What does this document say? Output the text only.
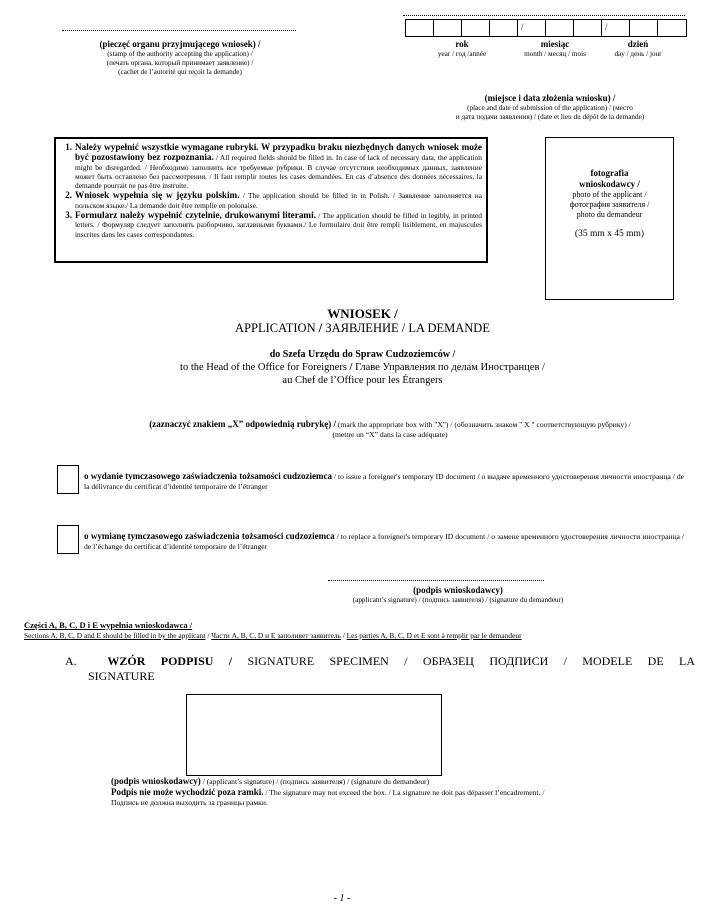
(pieczęć organu przyjmującego wniosek) /
(stamp of the authority accepting the application) /
(печать органа, который принимает заявление) /
(cachet de l’autorité qui reçoit la demande)
/	/
rok
year / год /année
miesiąc
month / месяц / mois
dzień
day / день / jour
(miejsce i data złożenia wniosku) /
(place and date of submission of the application) / (место
и дата подачи заявления) / (date et lieu du dépôt de la demande)
1. Należy wypełnić wszystkie wymagane rubryki. W przypadku braku niezbędnych danych wniosek może być pozostawiony bez rozpoznania. / All required fields should be filled in. In case of lack of necessary data, the application might be disregarded. / Необходимо заполнить все требуемые рубрики. В случае отсутствия необходимых данных, заявление может быть оставлено без рассмотрения. / Il faut remplir toutes les cases demandées. En cas d’absence des données nécessaires, la demande pourrait ne pas être instruite.
2. Wniosek wypełnia się w języku polskim. / The application should be filled in in Polish. / Заявление заполняется на польском языке./ La demande doit être remplie en polonaise.
3. Formularz należy wypełnić czytelnie, drukowanymi literami. / The application should be filled in legibly, in printed letters. / Формуляр следует заполнять разборчиво, заглавными буквами./ Le formulaire doit être rempli lisiblement, en majuscules inscrites dans les cases correspondantes.
fotografia
wnioskodawcy /
photo of the applicant /
фотография заявителя /
photo du demandeur
(35 mm x 45 mm)
WNIOSEK /
APPLICATION / ЗАЯВЛЕНИЕ / LA DEMANDE
do Szefa Urzędu do Spraw Cudzoziemców /
to the Head of the Office for Foreigners / Главе Управления по делам Иностранцев /
au Chef de l’Office pour les Étrangers
(zaznaczyć znakiem „X” odpowiednią rubrykę) / (mark the appropriate box with "X") / (обозначить знаком " X " соответствующую рубрику) /
(mettre un “X” dans la case adéquate)
o wydanie tymczasowego zaświadczenia tożsamości cudzoziemca / to issue a foreigner's temporary ID document / о выдаче временного удостоверения личности иностранца / de la délivrance du certificat d’identité temporaire de l’étranger
o wymianę tymczasowego zaświadczenia tożsamości cudzoziemca / to replace a foreigner's temporary ID document / о замене временного удостоверения личности иностранца / de l’échange du certificat d’identité temporaire de l’étranger
(podpis wnioskodawcy)
(applicant’s signature) / (подпись заявителя) / (signature du demandeur)
Części A, B, C, D i E wypełnia wnioskodawca /
Sections A, B, C, D and E should be filled in by the applicant / Части A, B, C, D и E заполняет заявитель / Les parties A, B, C, D et E sont à remplir par le demandeur
A.	WZÓR PODPISU / SIGNATURE SPECIMEN / ОБРАЗЕЦ ПОДПИСИ / MODELE DE LA
SIGNATURE
(podpis wnioskodawcy) / (applicant’s signature) / (подпись заявителя) / (signature du demandeur)
Podpis nie może wychodzić poza ramki. / The signature may not exceed the box. / La signature ne doit pas dépasser l’encadrement. /
Подпись не должна выходить за границы рамки.
- 1 -
